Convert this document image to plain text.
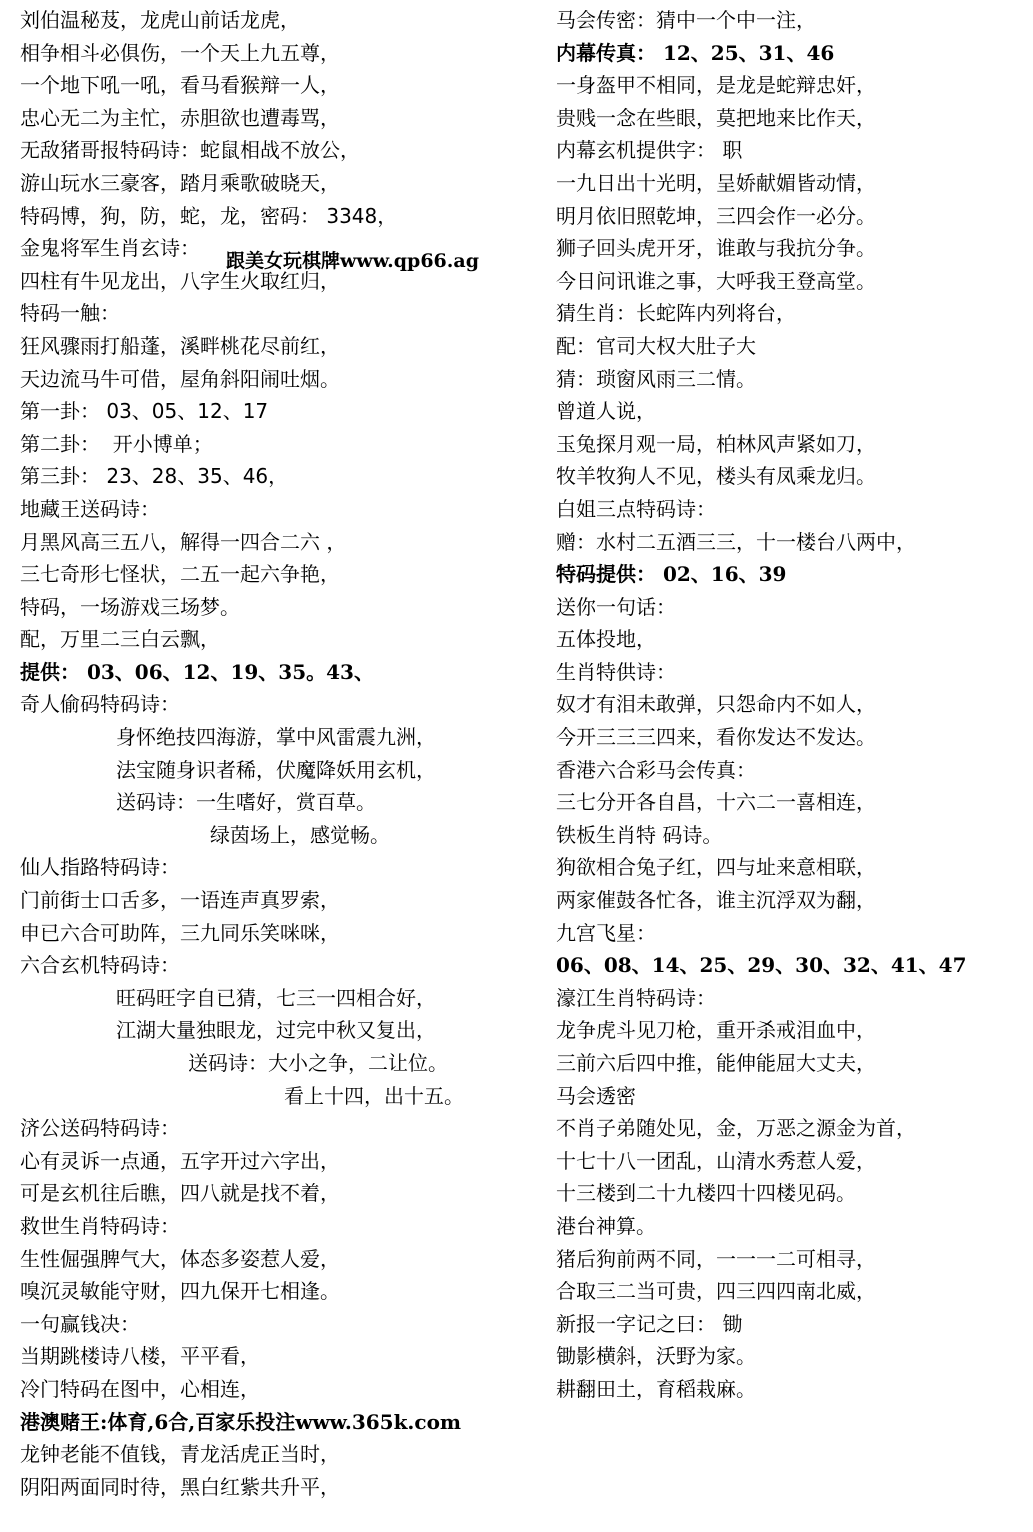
刘伯温秘芨，龙虎山前话龙虎，
相争相斗必俱伤，一个天上九五尊，
一个地下吼一吼，看马看猴辩一人，
忠心无二为主忙，赤胆欲也遭毒骂，
无敌猪哥报特码诗：蛇鼠相战不放公，
游山玩水三豪客，踏月乘歌破晓天，
特码博，狗，防，蛇，龙，密码： 3348，
金鬼将军生肖玄诗：
四柱有牛见龙出，八字生火取红归，
特码一触：
狂风骤雨打船蓬，溪畔桃花尽前红，
天边流马牛可借，屋角斜阳闹吐烟。
第一卦： 03、05、12、17
第二卦：  开小博单；
第三卦： 23、28、35、46，
地藏王送码诗：
月黑风高三五八，解得一四合二六 ，
三七奇形七怪状，二五一起六争艳，
特码，一场游戏三场梦。
配，万里二三白云飘，
提供： 03、06、12、19、35。43、
奇人偷码特码诗：
身怀绝技四海游，掌中风雷震九洲，
法宝随身识者稀，伏魔降妖用玄机，
送码诗：一生嗜好，赏百草。
绿茵场上，感觉畅。
仙人指路特码诗：
门前街士口舌多，一语连声真罗索，
申已六合可助阵，三九同乐笑咪咪，
六合玄机特码诗：
旺码旺字自已猜，七三一四相合好，
江湖大量独眼龙，过完中秋又复出，
送码诗：大小之争，二让位。
看上十四，出十五。
济公送码特码诗：
心有灵诉一点通，五字开过六字出，
可是玄机往后瞧，四八就是找不着，
救世生肖特码诗：
生性倔强脾气大，体态多姿惹人爱，
嗅沉灵敏能守财，四九保开七相逢。
一句赢钱决：
当期跳楼诗八楼，平平看，
冷门特码在图中，心相连，
港澳赌王:体育,6合,百家乐投注www.365k.com
龙钟老能不值钱，青龙活虎正当时，
阴阳两面同时待，黑白红紫共升平，
马会传密：猜中一个中一注，
内幕传真： 12、25、31、46
一身盔甲不相同，是龙是蛇辩忠奸，
贵贱一念在些眼，莫把地来比作天，
内幕玄机提供字： 职
一九日出十光明，呈娇献媚皆动情，
明月依旧照乾坤，三四会作一必分。
狮子回头虎开牙，谁敢与我抗分争。
今日问讯谁之事，大呼我王登高堂。
猜生肖：长蛇阵内列将台，
配：官司大权大肚子大
猜：琐窗风雨三二情。
曾道人说，
玉兔探月观一局，柏林风声紧如刀，
牧羊牧狗人不见，楼头有凤乘龙归。
白姐三点特码诗：
赠：水村二五酒三三，十一楼台八两中，
特码提供： 02、16、39
送你一句话：
五体投地，
生肖特供诗：
奴才有泪未敢弹，只怨命内不如人，
今开三三三四来，看你发达不发达。
香港六合彩马会传真：
三七分开各自昌，十六二一喜相连，
铁板生肖特 码诗。
狗欲相合兔子红，四与址来意相联，
两家催鼓各忙各，谁主沉浮双为翻，
九宫飞星：
06、08、14、25、29、30、32、41、47
濠江生肖特码诗：
龙争虎斗见刀枪，重开杀戒泪血中，
三前六后四中推，能伸能屈大丈夫，
马会透密
不肖子弟随处见，金，万恶之源金为首，
十七十八一团乱，山清水秀惹人爱，
十三楼到二十九楼四十四楼见码。
港台神算。
猪后狗前两不同，一一一二可相寻，
合取三二当可贵，四三四四南北威，
新报一字记之曰： 锄
锄影横斜，沃野为家。
耕翻田土，育稻栽麻。
跟美女玩棋牌www.qp66.ag
